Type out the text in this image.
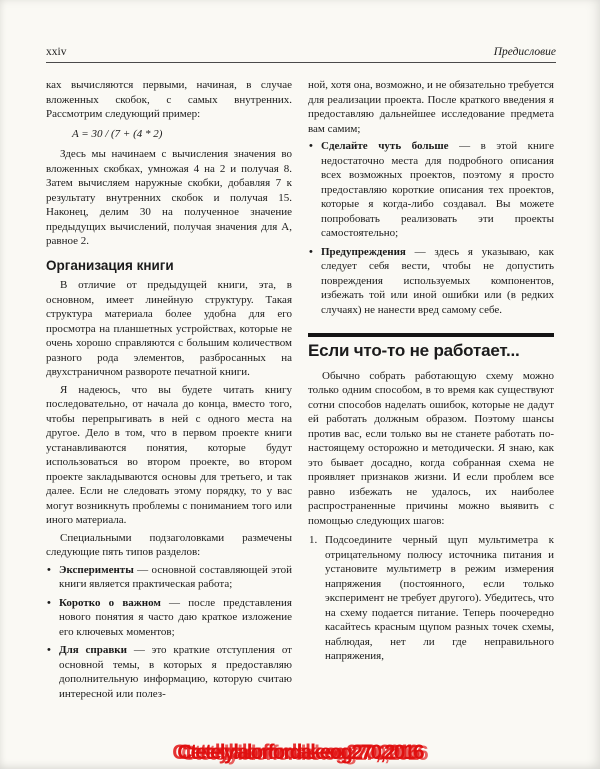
xxiv	Предисловие

ках вычисляются первыми, начиная, в случае вложенных скобок, с самых внутренних. Рассмотрим следующий пример:

A = 30 / (7 + (4 * 2)

Здесь мы начинаем с вычисления значения во вложенных скобках, умножая 4 на 2 и получая 8. Затем вычисляем наружные скобки, добавляя 7 к результату внутренних скобок и получая 15. Наконец, делим 30 на полученное значение предыдущих вычислений, получая значения для A, равное 2.

Организация книги

В отличие от предыдущей книги, эта, в основном, имеет линейную структуру. Такая структура материала более удобна для его просмотра на планшетных устройствах, которые не очень хорошо справляются с большим количеством разного рода элементов, разбросанных на двухстраничном развороте печатной книги.

Я надеюсь, что вы будете читать книгу последовательно, от начала до конца, вместо того, чтобы перепрыгивать в ней с одного места на другое. Дело в том, что в первом проекте книги устанавливаются понятия, которые будут использоваться во втором проекте, во втором проекте закладываются основы для третьего, и так далее. Если не следовать этому порядку, то у вас могут возникнуть проблемы с пониманием того или иного материала.

Специальными подзаголовками размечены следующие пять типов разделов:

• Эксперименты — основной составляющей этой книги является практическая работа;
• Коротко о важном — после представления нового понятия я часто даю краткое изложение его ключевых моментов;
• Для справки — это краткие отступления от основной темы, в которых я предоставляю дополнительную информацию, которую считаю интересной или полез-

ной, хотя она, возможно, и не обязательно требуется для реализации проекта. После краткого введения я предоставляю дальнейшее исследование предмета вам самим;

• Сделайте чуть больше — в этой книге недостаточно места для подробного описания всех возможных проектов, поэтому я просто предоставляю короткие описания тех проектов, которые я когда-либо создавал. Вы можете попробовать реализовать эти проекты самостоятельно;
• Предупреждения — здесь я указываю, как следует себя вести, чтобы не допустить повреждения используемых компонентов, избежать той или иной ошибки или (в редких случаях) не нанести вред самому себе.
Если что-то не работает...

Обычно собрать работающую схему можно только одним способом, в то время как существуют сотни способов наделать ошибок, которые не дадут ей работать должным образом. Поэтому шансы против вас, если только вы не станете работать по-настоящему осторожно и методически. Я знаю, как это бывает досадно, когда собранная схема не проявляет признаков жизни. И если проблем все равно избежать не удалось, их наиболее распространенные причины можно выявить с помощью следующих шагов:

1. Подсоедините черный щуп мультиметра к отрицательному полюсу источника питания и установите мультиметр в режим измерения напряжения (постоянного, если только эксперимент не требует другого). Убедитесь, что на схему подается питание. Теперь поочередно касайтесь красным щупом разных точек схемы, наблюдая, нет ли где неправильного напряжения,
Ctetelylalorfordakeog270,2016
